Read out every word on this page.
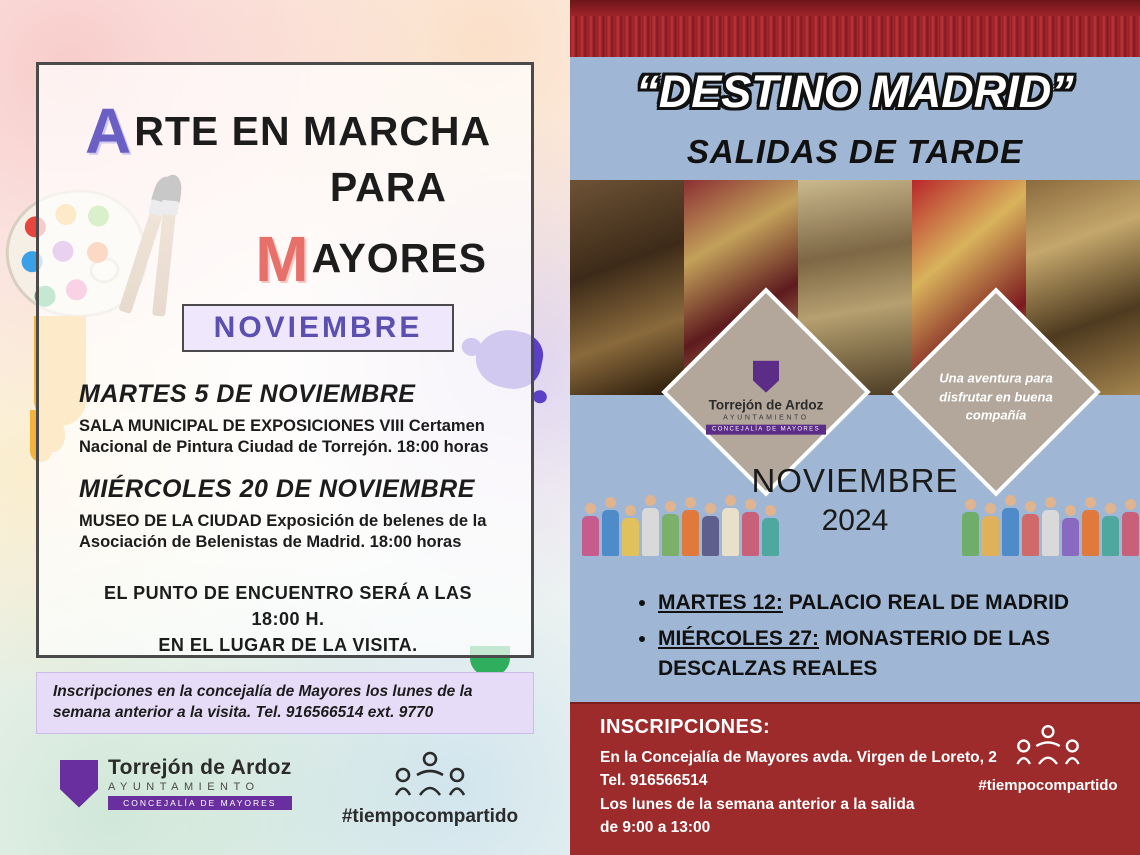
ARTE EN MARCHA
PARA
MAYORES
NOVIEMBRE
MARTES 5 DE NOVIEMBRE
SALA MUNICIPAL DE EXPOSICIONES VIII Certamen Nacional de Pintura Ciudad de Torrejón. 18:00 horas
MIÉRCOLES 20 DE NOVIEMBRE
MUSEO DE LA CIUDAD Exposición de belenes de la Asociación de Belenistas de Madrid. 18:00 horas
EL PUNTO DE ENCUENTRO SERÁ A LAS 18:00 H.
EN EL LUGAR DE LA VISITA.

Inscripciones en la concejalía de Mayores los lunes de la semana anterior a la visita. Tel. 916566514 ext. 9770

Torrejón de Ardoz
AYUNTAMIENTO
CONCEJALÍA DE MAYORES
#tiempocompartido
“DESTINO MADRID”
SALIDAS DE TARDE
Torrejón de Ardoz
AYUNTAMIENTO
CONCEJALÍA DE MAYORES

Una aventura para disfrutar en buena compañía

NOVIEMBRE
2024
• MARTES 12: PALACIO REAL DE MADRID
• MIÉRCOLES 27: MONASTERIO DE LAS DESCALZAS REALES
INSCRIPCIONES:
En la Concejalía de Mayores avda. Virgen de Loreto, 2
Tel. 916566514
Los lunes de la semana anterior a la salida
de 9:00 a 13:00
#tiempocompartido
